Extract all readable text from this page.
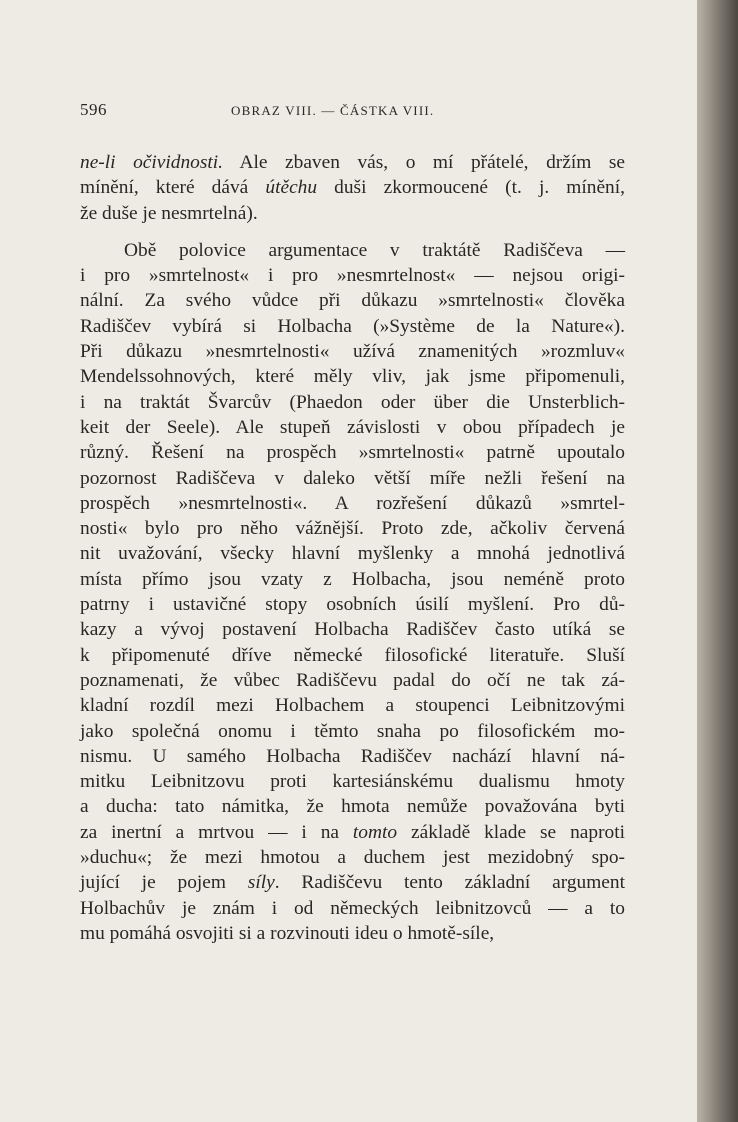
596	OBRAZ VIII. — ČÁSTKA VIII.
ne-li očividnosti. Ale zbaven vás, o mí přátelé, držím se
mínění, které dává útěchu duši zkormoucené (t. j. mínění,
že duše je nesmrtelná).
Obě polovice argumentace v traktátě Radiščeva —
i pro »smrtelnost« i pro »nesmrtelnost« — nejsou origi-
nální. Za svého vůdce při důkazu »smrtelnosti« člověka
Radiščev vybírá si Holbacha (»Système de la Nature«).
Při důkazu »nesmrtelnosti« užívá znamenitých »rozmluv«
Mendelssohnových, které měly vliv, jak jsme připomenuli,
i na traktát Švarcův (Phaedon oder über die Unsterblich-
keit der Seele). Ale stupeň závislosti v obou případech je
různý. Řešení na prospěch »smrtelnosti« patrně upoutalo
pozornost Radiščeva v daleko větší míře nežli řešení na
prospěch »nesmrtelnosti«. A rozřešení důkazů »smrtel-
nosti« bylo pro něho vážnější. Proto zde, ačkoliv červená
nit uvažování, všecky hlavní myšlenky a mnohá jednotlivá
místa přímo jsou vzaty z Holbacha, jsou neméně proto
patrny i ustavičné stopy osobních úsilí myšlení. Pro dů-
kazy a vývoj postavení Holbacha Radiščev často utíká se
k připomenuté dříve německé filosofické literatuře. Sluší
poznamenati, že vůbec Radiščevu padal do očí ne tak zá-
kladní rozdíl mezi Holbachem a stoupenci Leibnitzovými
jako společná onomu i těmto snaha po filosofickém mo-
nismu. U samého Holbacha Radiščev nachází hlavní ná-
mitku Leibnitzovu proti kartesiánskému dualismu hmoty
a ducha: tato námitka, že hmota nemůže považována byti
za inertní a mrtvou — i na tomto základě klade se naproti
»duchu«; že mezi hmotou a duchem jest mezidobný spo-
jující je pojem síly. Radiščevu tento základní argument
Holbachův je znám i od německých leibnitzovců — a to
mu pomáhá osvojiti si a rozvinouti ideu o hmotě-síle,
